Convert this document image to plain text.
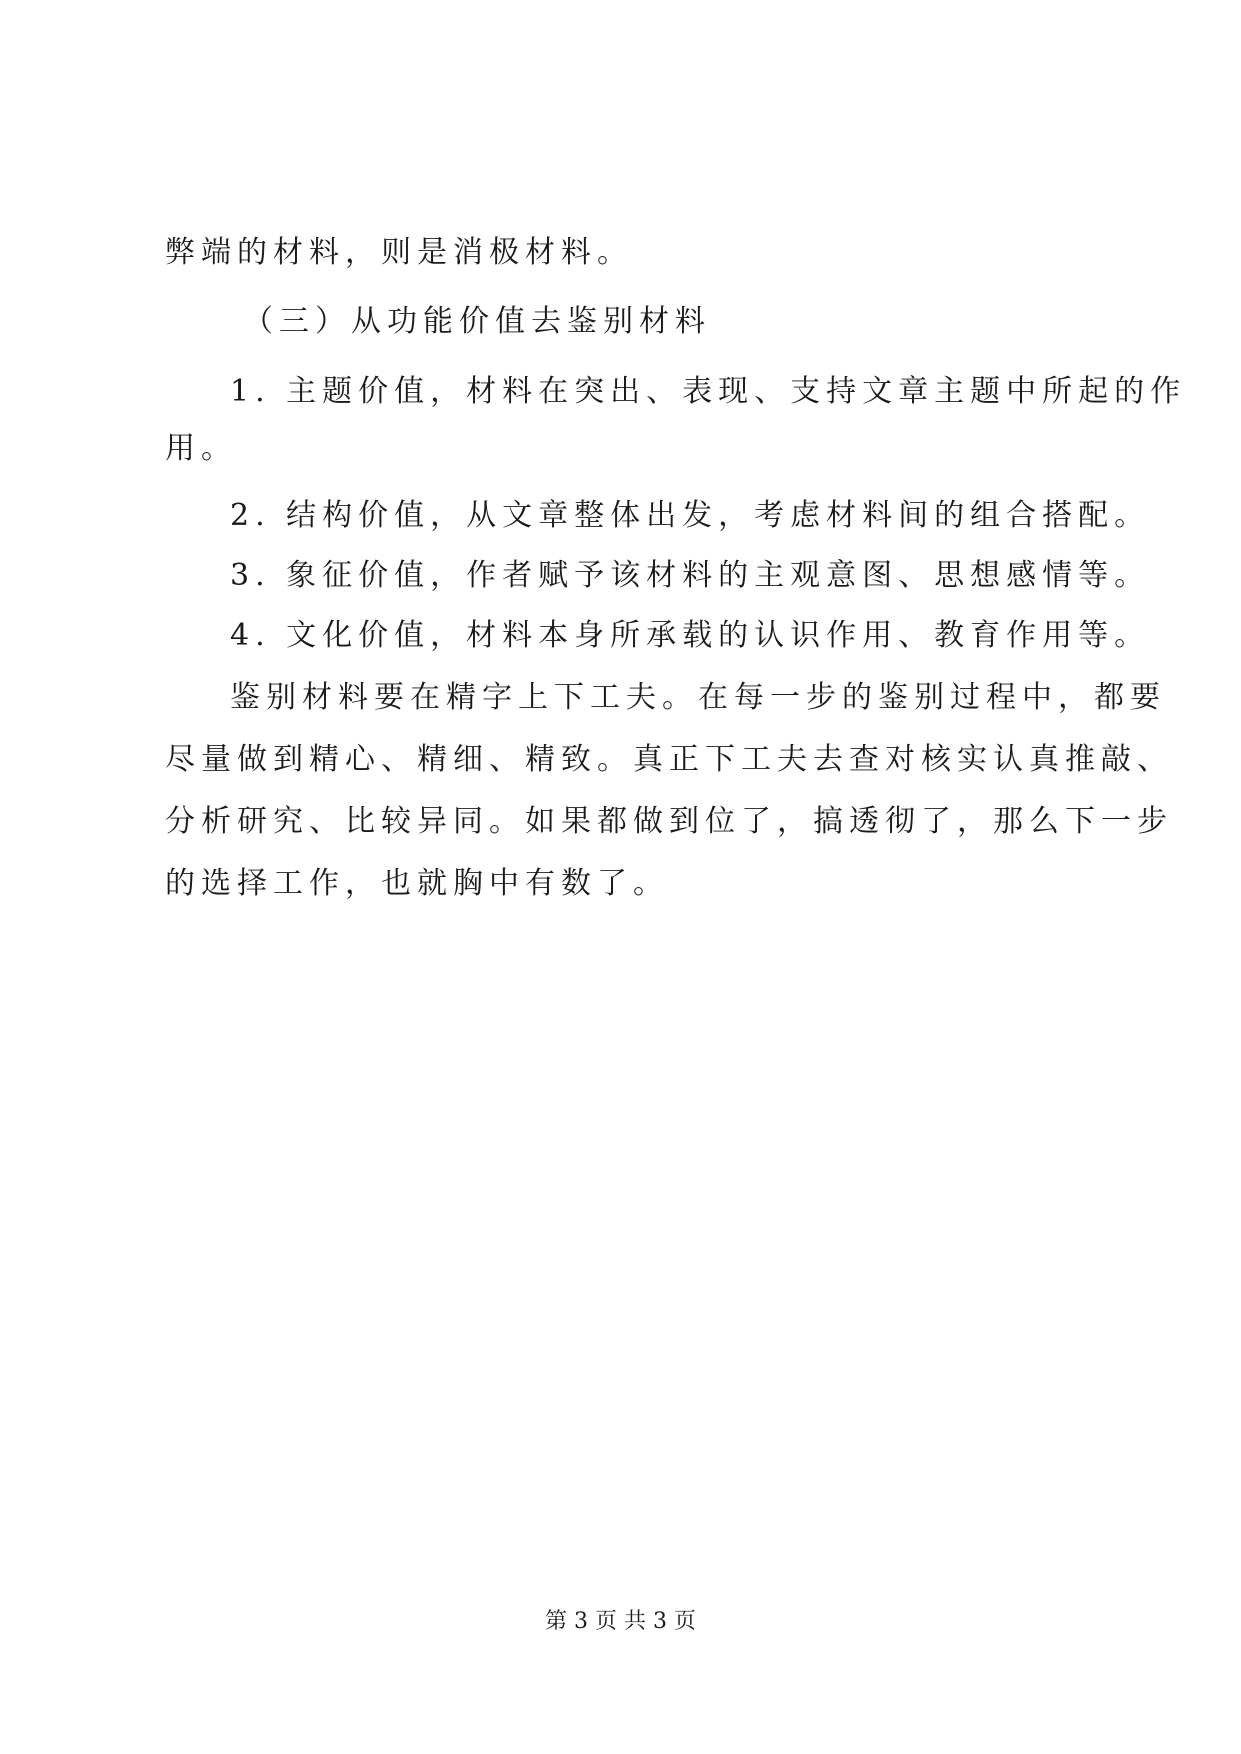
弊端的材料，则是消极材料。
（三）从功能价值去鉴别材料
1. 主题价值，材料在突出、表现、支持文章主题中所起的作
用。
2. 结构价值，从文章整体出发，考虑材料间的组合搭配。
3. 象征价值，作者赋予该材料的主观意图、思想感情等。
4. 文化价值，材料本身所承载的认识作用、教育作用等。
鉴别材料要在精字上下工夫。在每一步的鉴别过程中，都要
尽量做到精心、精细、精致。真正下工夫去查对核实认真推敲、
分析研究、比较异同。如果都做到位了，搞透彻了，那么下一步
的选择工作，也就胸中有数了。
第 3 页 共 3 页
